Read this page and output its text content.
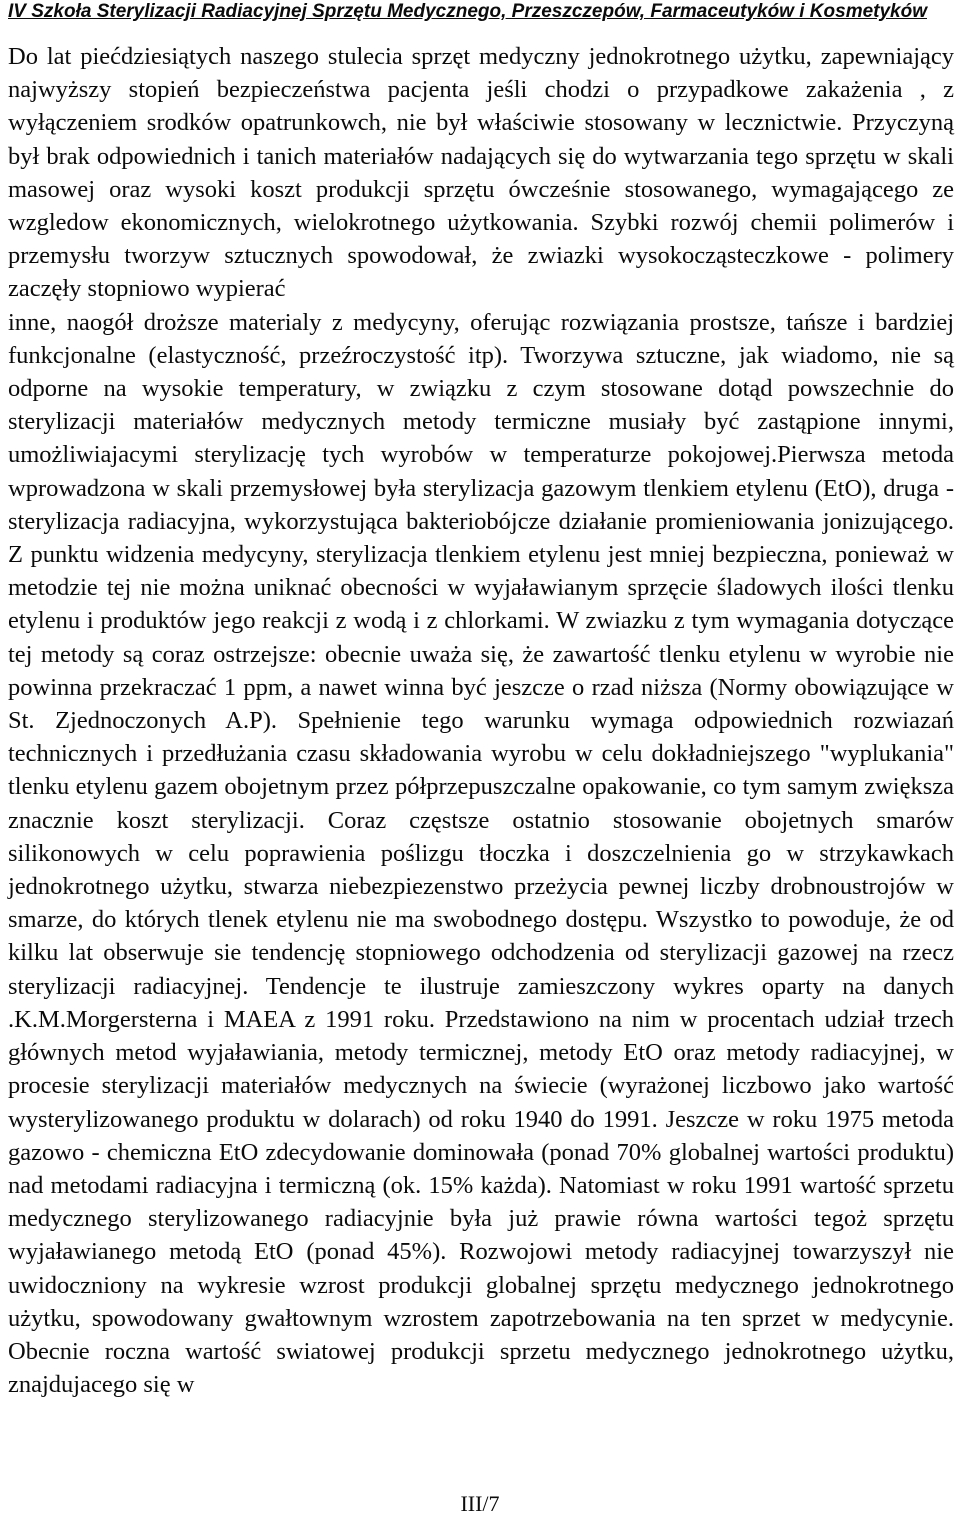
IV Szkoła Sterylizacji Radiacyjnej Sprzętu Medycznego, Przeszczepów, Farmaceutyków i Kosmetyków

Do lat piećdziesiątych naszego stulecia sprzęt medyczny jednokrotnego użytku, zapewniający najwyższy stopień bezpieczeństwa pacjenta jeśli chodzi o przypadkowe zakażenia , z wyłączeniem srodków opatrunkowch, nie był właściwie stosowany w lecznictwie. Przyczyną był brak odpowiednich i tanich materiałów nadających się do wytwarzania tego sprzętu w skali masowej oraz wysoki koszt produkcji sprzętu ówcześnie stosowanego, wymagającego ze wzgledow ekonomicznych, wielokrotnego użytkowania. Szybki rozwój chemii polimerów i przemysłu tworzyw sztucznych spowodował, że zwiazki wysokocząsteczkowe - polimery zaczęły stopniowo wypierać

inne, naogół droższe materialy z medycyny, oferując rozwiązania prostsze, tańsze i bardziej funkcjonalne (elastyczność, przeźroczystość itp). Tworzywa sztuczne, jak wiadomo, nie są odporne na wysokie temperatury, w związku z czym stosowane dotąd powszechnie do sterylizacji materiałów medycznych metody termiczne musiały być zastąpione innymi, umożliwiajacymi sterylizację tych wyrobów w temperaturze pokojowej.Pierwsza metoda wprowadzona w skali przemysłowej była sterylizacja gazowym tlenkiem etylenu (EtO), druga -sterylizacja radiacyjna, wykorzystująca bakteriobójcze działanie promieniowania jonizującego. Z punktu widzenia medycyny, sterylizacja tlenkiem etylenu jest mniej bezpieczna, ponieważ w metodzie tej nie można uniknać obecności w wyjaławianym sprzęcie śladowych ilości tlenku etylenu i produktów jego reakcji z wodą i z chlorkami. W zwiazku z tym wymagania dotyczące tej metody są coraz ostrzejsze: obecnie uważa się, że zawartość tlenku etylenu w wyrobie nie powinna przekraczać 1 ppm, a nawet winna być jeszcze o rzad niższa (Normy obowiązujące w St. Zjednoczonych A.P). Spełnienie tego warunku wymaga odpowiednich rozwiazań technicznych i przedłużania czasu składowania wyrobu w celu dokładniejszego "wyplukania" tlenku etylenu gazem obojetnym przez półprzepuszczalne opakowanie, co tym samym zwiększa znacznie koszt sterylizacji. Coraz częstsze ostatnio stosowanie obojetnych smarów silikonowych w celu poprawienia poślizgu tłoczka i doszczelnienia go w strzykawkach jednokrotnego użytku, stwarza niebezpiezenstwo przeżycia pewnej liczby drobnoustrojów w smarze, do których tlenek etylenu nie ma swobodnego dostępu. Wszystko to powoduje, że od kilku lat obserwuje sie tendencję stopniowego odchodzenia od sterylizacji gazowej na rzecz sterylizacji radiacyjnej. Tendencje te ilustruje zamieszczony wykres oparty na danych .K.M.Morgersterna i MAEA z 1991 roku. Przedstawiono na nim w procentach udział trzech głównych metod wyjaławiania, metody termicznej, metody EtO oraz metody radiacyjnej, w procesie sterylizacji materiałów medycznych na świecie (wyrażonej liczbowo jako wartość wysterylizowanego produktu w dolarach) od roku 1940 do 1991. Jeszcze w roku 1975 metoda gazowo - chemiczna EtO zdecydowanie dominowała (ponad 70% globalnej wartości produktu) nad metodami radiacyjna i termiczną (ok. 15% każda). Natomiast w roku 1991 wartość sprzetu medycznego sterylizowanego radiacyjnie była już prawie równa wartości tegoż sprzętu wyjaławianego metodą EtO (ponad 45%). Rozwojowi metody radiacyjnej towarzyszył nie uwidoczniony na wykresie wzrost produkcji globalnej sprzętu medycznego jednokrotnego użytku, spowodowany gwałtownym wzrostem zapotrzebowania na ten sprzet w medycynie. Obecnie roczna wartość swiatowej produkcji sprzetu medycznego jednokrotnego użytku, znajdujacego się w

III/7
